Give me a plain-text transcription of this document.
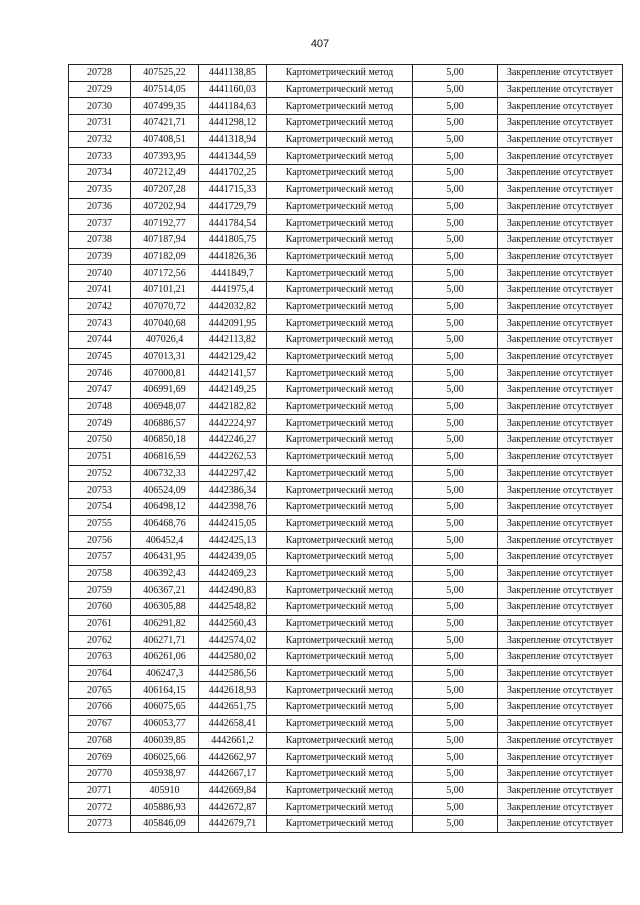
407
20728	407525,22	4441138,85	Картометрический метод	5,00	Закрепление отсутствует
20729	407514,05	4441160,03	Картометрический метод	5,00	Закрепление отсутствует
20730	407499,35	4441184,63	Картометрический метод	5,00	Закрепление отсутствует
20731	407421,71	4441298,12	Картометрический метод	5,00	Закрепление отсутствует
20732	407408,51	4441318,94	Картометрический метод	5,00	Закрепление отсутствует
20733	407393,95	4441344,59	Картометрический метод	5,00	Закрепление отсутствует
20734	407212,49	4441702,25	Картометрический метод	5,00	Закрепление отсутствует
20735	407207,28	4441715,33	Картометрический метод	5,00	Закрепление отсутствует
20736	407202,94	4441729,79	Картометрический метод	5,00	Закрепление отсутствует
20737	407192,77	4441784,54	Картометрический метод	5,00	Закрепление отсутствует
20738	407187,94	4441805,75	Картометрический метод	5,00	Закрепление отсутствует
20739	407182,09	4441826,36	Картометрический метод	5,00	Закрепление отсутствует
20740	407172,56	4441849,7	Картометрический метод	5,00	Закрепление отсутствует
20741	407101,21	4441975,4	Картометрический метод	5,00	Закрепление отсутствует
20742	407070,72	4442032,82	Картометрический метод	5,00	Закрепление отсутствует
20743	407040,68	4442091,95	Картометрический метод	5,00	Закрепление отсутствует
20744	407026,4	4442113,82	Картометрический метод	5,00	Закрепление отсутствует
20745	407013,31	4442129,42	Картометрический метод	5,00	Закрепление отсутствует
20746	407000,81	4442141,57	Картометрический метод	5,00	Закрепление отсутствует
20747	406991,69	4442149,25	Картометрический метод	5,00	Закрепление отсутствует
20748	406948,07	4442182,82	Картометрический метод	5,00	Закрепление отсутствует
20749	406886,57	4442224,97	Картометрический метод	5,00	Закрепление отсутствует
20750	406850,18	4442246,27	Картометрический метод	5,00	Закрепление отсутствует
20751	406816,59	4442262,53	Картометрический метод	5,00	Закрепление отсутствует
20752	406732,33	4442297,42	Картометрический метод	5,00	Закрепление отсутствует
20753	406524,09	4442386,34	Картометрический метод	5,00	Закрепление отсутствует
20754	406498,12	4442398,76	Картометрический метод	5,00	Закрепление отсутствует
20755	406468,76	4442415,05	Картометрический метод	5,00	Закрепление отсутствует
20756	406452,4	4442425,13	Картометрический метод	5,00	Закрепление отсутствует
20757	406431,95	4442439,05	Картометрический метод	5,00	Закрепление отсутствует
20758	406392,43	4442469,23	Картометрический метод	5,00	Закрепление отсутствует
20759	406367,21	4442490,83	Картометрический метод	5,00	Закрепление отсутствует
20760	406305,88	4442548,82	Картометрический метод	5,00	Закрепление отсутствует
20761	406291,82	4442560,43	Картометрический метод	5,00	Закрепление отсутствует
20762	406271,71	4442574,02	Картометрический метод	5,00	Закрепление отсутствует
20763	406261,06	4442580,02	Картометрический метод	5,00	Закрепление отсутствует
20764	406247,3	4442586,56	Картометрический метод	5,00	Закрепление отсутствует
20765	406164,15	4442618,93	Картометрический метод	5,00	Закрепление отсутствует
20766	406075,65	4442651,75	Картометрический метод	5,00	Закрепление отсутствует
20767	406053,77	4442658,41	Картометрический метод	5,00	Закрепление отсутствует
20768	406039,85	4442661,2	Картометрический метод	5,00	Закрепление отсутствует
20769	406025,66	4442662,97	Картометрический метод	5,00	Закрепление отсутствует
20770	405938,97	4442667,17	Картометрический метод	5,00	Закрепление отсутствует
20771	405910	4442669,84	Картометрический метод	5,00	Закрепление отсутствует
20772	405886,93	4442672,87	Картометрический метод	5,00	Закрепление отсутствует
20773	405846,09	4442679,71	Картометрический метод	5,00	Закрепление отсутствует
